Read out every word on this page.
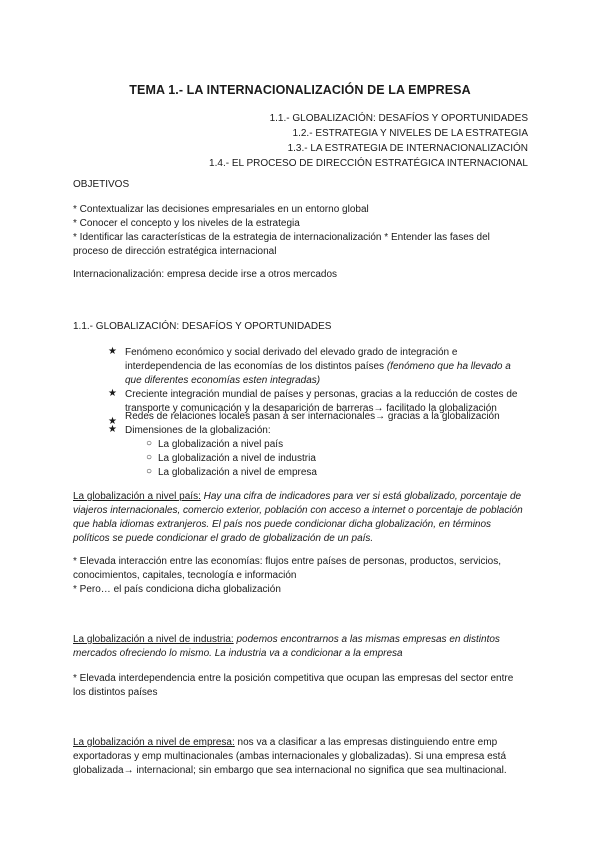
TEMA 1.- LA INTERNACIONALIZACIÓN DE LA EMPRESA
1.1.- GLOBALIZACIÓN: DESAFÍOS Y OPORTUNIDADES
1.2.- ESTRATEGIA Y NIVELES DE LA ESTRATEGIA
1.3.- LA ESTRATEGIA DE INTERNACIONALIZACIÓN
1.4.- EL PROCESO DE DIRECCIÓN ESTRATÉGICA INTERNACIONAL
OBJETIVOS
* Contextualizar las decisiones empresariales en un entorno global
* Conocer el concepto y los niveles de la estrategia
* Identificar las características de la estrategia de internacionalización * Entender las fases del proceso de dirección estratégica internacional
Internacionalización: empresa decide irse a otros mercados
1.1.- GLOBALIZACIÓN: DESAFÍOS Y OPORTUNIDADES
★ Fenómeno económico y social derivado del elevado grado de integración e interdependencia de las economías de los distintos países (fenómeno que ha llevado a que diferentes economías esten integradas)
★ Creciente integración mundial de países y personas, gracias a la reducción de costes de transporte y comunicación y la desaparición de barreras→ facilitado la globalización
★ Redes de relaciones locales pasan a ser internacionales→ gracias a la globalización
★ Dimensiones de la globalización:
○ La globalización a nivel país
○ La globalización a nivel de industria
○ La globalización a nivel de empresa
La globalización a nivel país: Hay una cifra de indicadores para ver si está globalizado, porcentaje de viajeros internacionales, comercio exterior, población con acceso a internet o porcentaje de población que habla idiomas extranjeros. El país nos puede condicionar dicha globalización, en términos políticos se puede condicionar el grado de globalización de un país.
* Elevada interacción entre las economías: flujos entre países de personas, productos, servicios, conocimientos, capitales, tecnología e información
* Pero… el país condiciona dicha globalización
La globalización a nivel de industria: podemos encontrarnos a las mismas empresas en distintos mercados ofreciendo lo mismo. La industria va a condicionar a la empresa
* Elevada interdependencia entre la posición competitiva que ocupan las empresas del sector entre los distintos países
La globalización a nivel de empresa: nos va a clasificar a las empresas distinguiendo entre emp exportadoras y emp multinacionales (ambas internacionales y globalizadas). Si una empresa está globalizada→ internacional; sin embargo que sea internacional no significa que sea multinacional.
